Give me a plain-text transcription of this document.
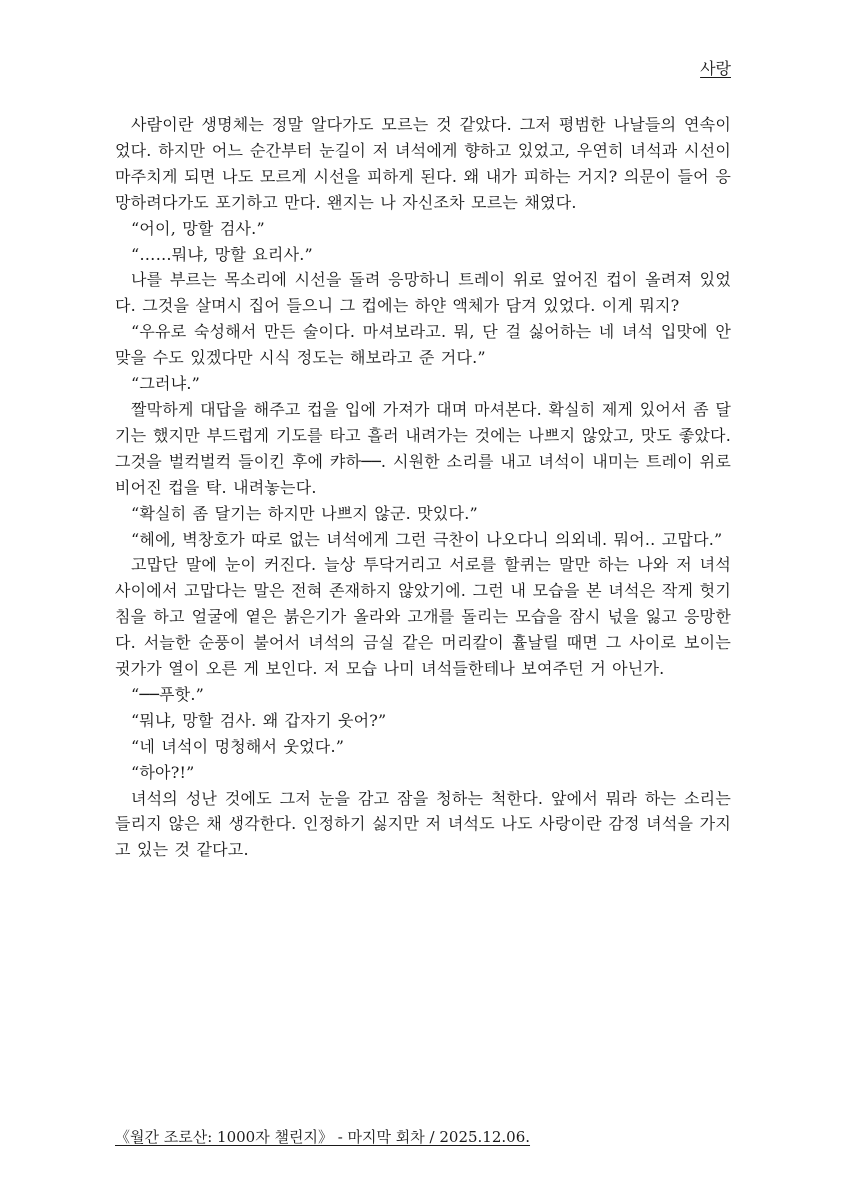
사랑

사람이란 생명체는 정말 알다가도 모르는 것 같았다. 그저 평범한 나날들의 연속이었다. 하지만 어느 순간부터 눈길이 저 녀석에게 향하고 있었고, 우연히 녀석과 시선이 마주치게 되면 나도 모르게 시선을 피하게 된다. 왜 내가 피하는 거지? 의문이 들어 응망하려다가도 포기하고 만다. 왠지는 나 자신조차 모르는 채였다.

“어이, 망할 검사.”

“……뭐냐, 망할 요리사.”

나를 부르는 목소리에 시선을 돌려 응망하니 트레이 위로 엎어진 컵이 올려져 있었다. 그것을 살며시 집어 들으니 그 컵에는 하얀 액체가 담겨 있었다. 이게 뭐지?

“우유로 숙성해서 만든 술이다. 마셔보라고. 뭐, 단 걸 싫어하는 네 녀석 입맛에 안 맞을 수도 있겠다만 시식 정도는 해보라고 준 거다.”

“그러냐.”

짤막하게 대답을 해주고 컵을 입에 가져가 대며 마셔본다. 확실히 제게 있어서 좀 달기는 했지만 부드럽게 기도를 타고 흘러 내려가는 것에는 나쁘지 않았고, 맛도 좋았다. 그것을 벌컥벌컥 들이킨 후에 캬하──. 시원한 소리를 내고 녀석이 내미는 트레이 위로 비어진 컵을 탁. 내려놓는다.

“확실히 좀 달기는 하지만 나쁘지 않군. 맛있다.”

“헤에, 벽창호가 따로 없는 녀석에게 그런 극찬이 나오다니 의외네. 뭐어.. 고맙다.”

고맙단 말에 눈이 커진다. 늘상 투닥거리고 서로를 할퀴는 말만 하는 나와 저 녀석 사이에서 고맙다는 말은 전혀 존재하지 않았기에. 그런 내 모습을 본 녀석은 작게 헛기침을 하고 얼굴에 옅은 붉은기가 올라와 고개를 돌리는 모습을 잠시 넋을 잃고 응망한다. 서늘한 순풍이 불어서 녀석의 금실 같은 머리칼이 휼날릴 때면 그 사이로 보이는 귓가가 열이 오른 게 보인다. 저 모습 나미 녀석들한테나 보여주던 거 아닌가.

“──푸핫.”

“뭐냐, 망할 검사. 왜 갑자기 웃어?”

“네 녀석이 멍청해서 웃었다.”

“하아?!”

녀석의 성난 것에도 그저 눈을 감고 잠을 청하는 척한다. 앞에서 뭐라 하는 소리는 들리지 않은 채 생각한다. 인정하기 싫지만 저 녀석도 나도 사랑이란 감정 녀석을 가지고 있는 것 같다고.

《월간 조로산: 1000자 챌린지》 - 마지막 회차 / 2025.12.06.
